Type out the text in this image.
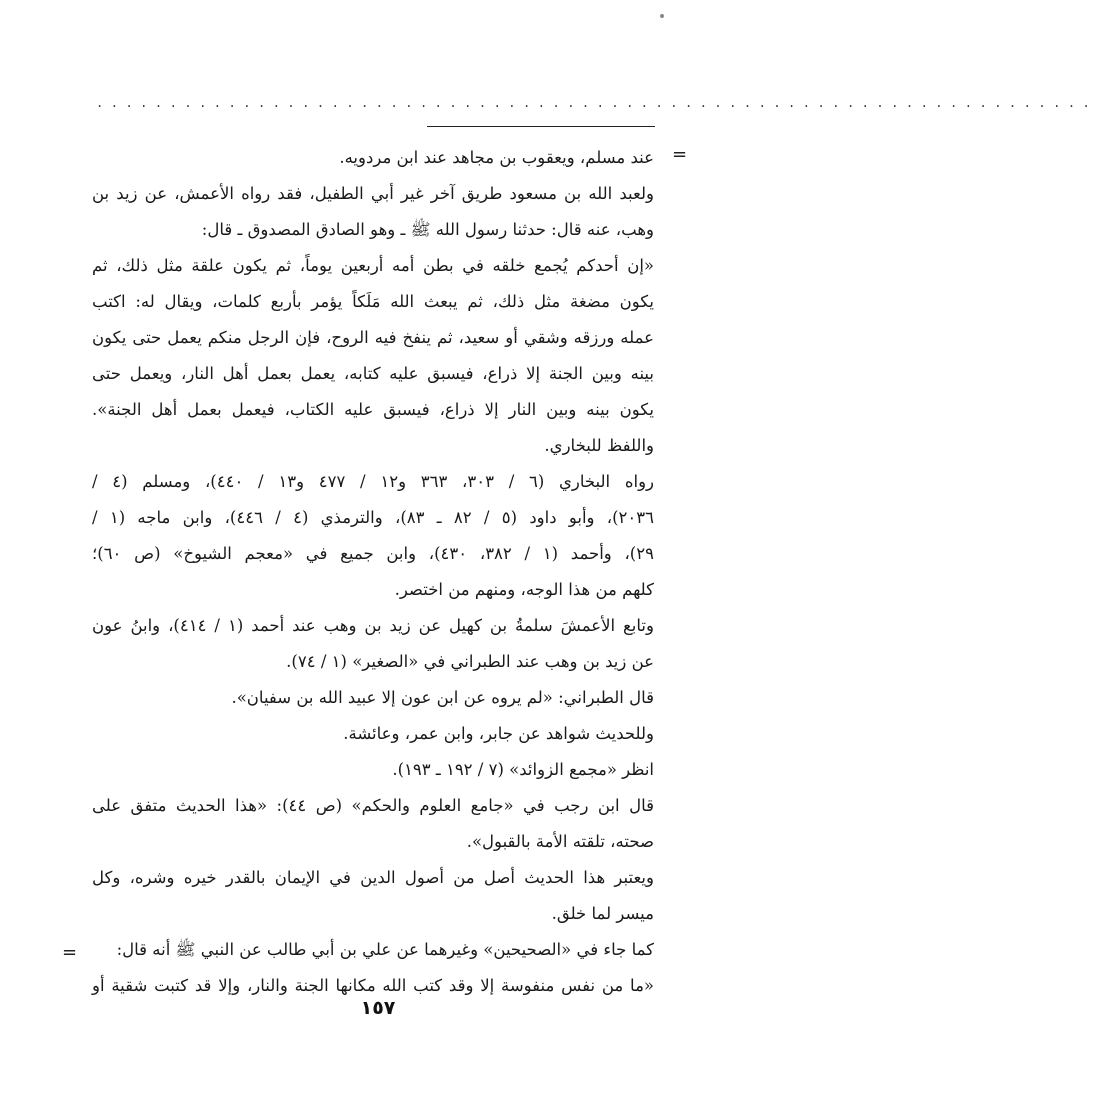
....................................................................
=
عند مسلم، ويعقوب بن مجاهد عند ابن مردويه.
ولعبد الله بن مسعود طريق آخر غير أبي الطفيل، فقد رواه الأعمش، عن زيد بن
وهب، عنه قال: حدثنا رسول الله ﷺ ـ وهو الصادق المصدوق ـ قال:
«إن أحدكم يُجمع خلقه في بطن أمه أربعين يوماً، ثم يكون علقة مثل ذلك، ثم
يكون مضغة مثل ذلك، ثم يبعث الله مَلَكاً يؤمر بأربع كلمات، ويقال له: اكتب
عمله ورزقه وشقي أو سعيد، ثم ينفخ فيه الروح، فإن الرجل منكم يعمل حتى يكون
بينه وبين الجنة إلا ذراع، فيسبق عليه كتابه، يعمل بعمل أهل النار، ويعمل حتى
يكون بينه وبين النار إلا ذراع، فيسبق عليه الكتاب، فيعمل بعمل أهل الجنة».
واللفظ للبخاري.
رواه البخاري (٦ / ٣٠٣، ٣٦٣ و١٢ / ٤٧٧ و١٣ / ٤٤٠)، ومسلم (٤ /
٢٠٣٦)، وأبو داود (٥ / ٨٢ ـ ٨٣)، والترمذي (٤ / ٤٤٦)، وابن ماجه (١ /
٢٩)، وأحمد (١ / ٣٨٢، ٤٣٠)، وابن جميع في «معجم الشيوخ» (ص ٦٠)؛
كلهم من هذا الوجه، ومنهم من اختصر.
وتابع الأعمشَ سلمةُ بن كهيل عن زيد بن وهب عند أحمد (١ / ٤١٤)، وابنُ عون
عن زيد بن وهب عند الطبراني في «الصغير» (١ / ٧٤).
قال الطبراني: «لم يروه عن ابن عون إلا عبيد الله بن سفيان».
وللحديث شواهد عن جابر، وابن عمر، وعائشة.
انظر «مجمع الزوائد» (٧ / ١٩٢ ـ ١٩٣).
قال ابن رجب في «جامع العلوم والحكم» (ص ٤٤): «هذا الحديث متفق على
صحته، تلقته الأمة بالقبول».
ويعتبر هذا الحديث أصل من أصول الدين في الإيمان بالقدر خيره وشره، وكل
ميسر لما خلق.
كما جاء في «الصحيحين» وغيرهما عن علي بن أبي طالب عن النبي ﷺ أنه قال:
«ما من نفس منفوسة إلا وقد كتب الله مكانها الجنة والنار، وإلا قد كتبت شقية أو
=
١٥٧
